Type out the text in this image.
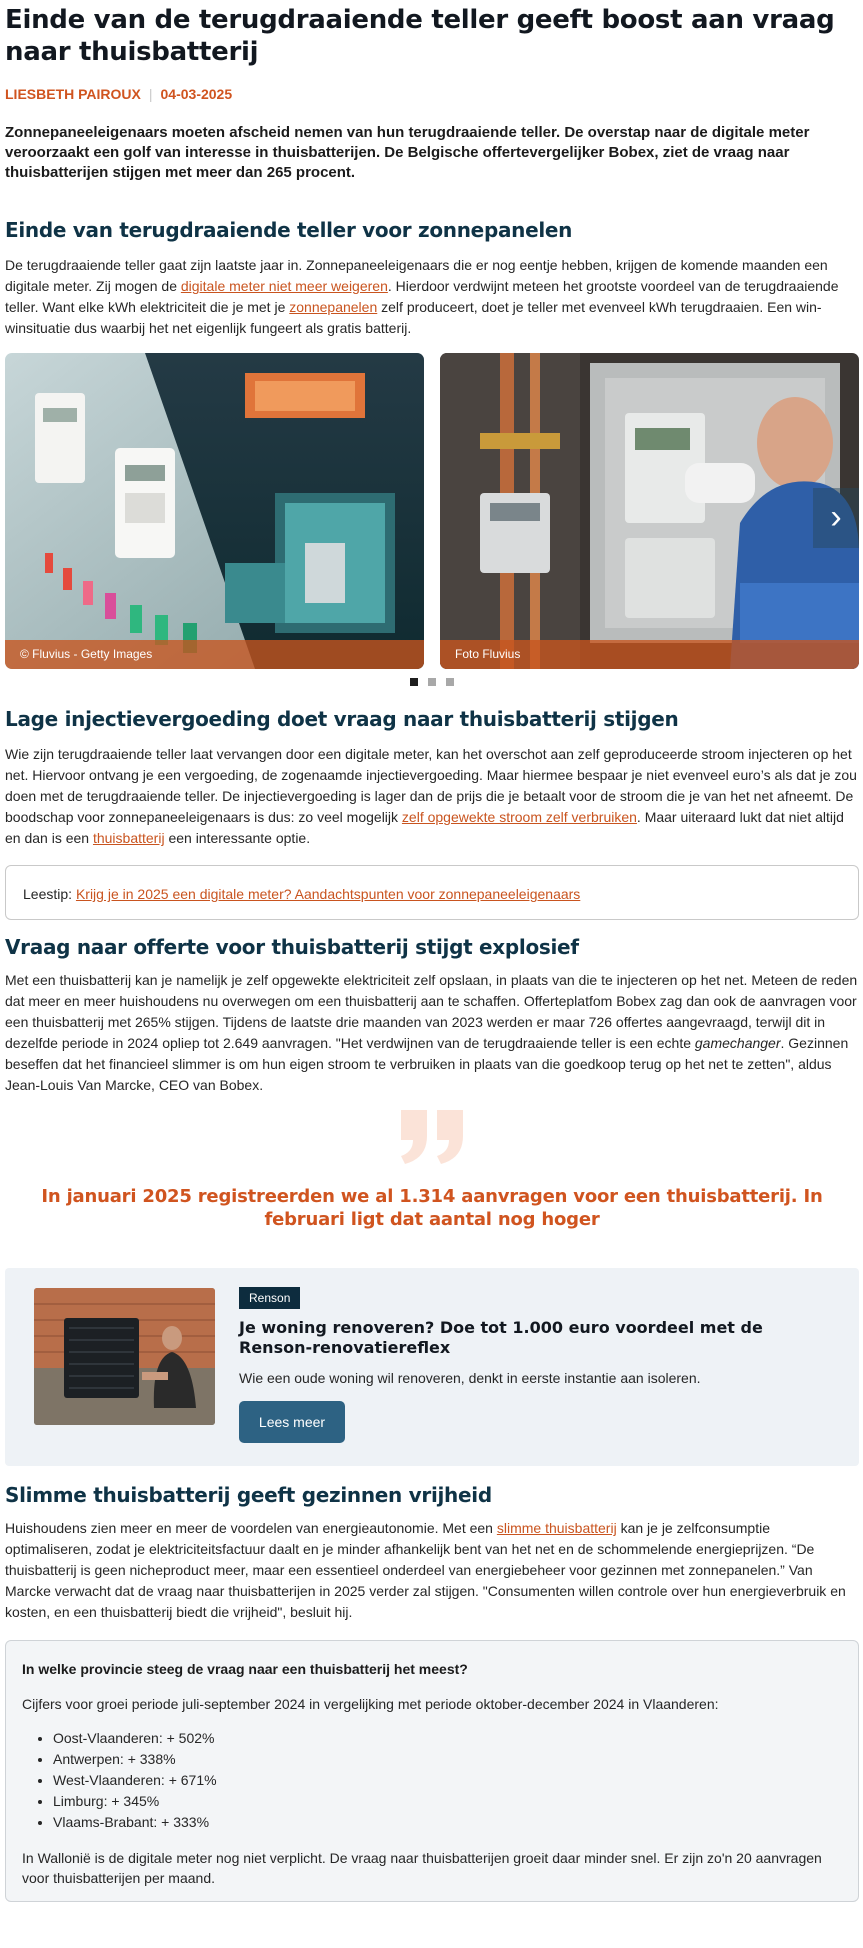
Einde van de terugdraaiende teller geeft boost aan vraag naar thuisbatterij
LIESBETH PAIROUX | 04-03-2025

Zonnepaneeleigenaars moeten afscheid nemen van hun terugdraaiende teller. De overstap naar de digitale meter veroorzaakt een golf van interesse in thuisbatterijen. De Belgische offertevergelijker Bobex, ziet de vraag naar thuisbatterijen stijgen met meer dan 265 procent.

Einde van terugdraaiende teller voor zonnepanelen

De terugdraaiende teller gaat zijn laatste jaar in. Zonnepaneeleigenaars die er nog eentje hebben, krijgen de komende maanden een digitale meter. Zij mogen de digitale meter niet meer weigeren. Hierdoor verdwijnt meteen het grootste voordeel van de terugdraaiende teller. Want elke kWh elektriciteit die je met je zonnepanelen zelf produceert, doet je teller met evenveel kWh terugdraaien. Een win-winsituatie dus waarbij het net eigenlijk fungeert als gratis batterij.

© Fluvius - Getty Images	Foto Fluvius
›
Lage injectievergoeding doet vraag naar thuisbatterij stijgen

Wie zijn terugdraaiende teller laat vervangen door een digitale meter, kan het overschot aan zelf geproduceerde stroom injecteren op het net. Hiervoor ontvang je een vergoeding, de zogenaamde injectievergoeding. Maar hiermee bespaar je niet evenveel euro’s als dat je zou doen met de terugdraaiende teller. De injectievergoeding is lager dan de prijs die je betaalt voor de stroom die je van het net afneemt. De boodschap voor zonnepaneeleigenaars is dus: zo veel mogelijk zelf opgewekte stroom zelf verbruiken. Maar uiteraard lukt dat niet altijd en dan is een thuisbatterij een interessante optie.

Leestip: Krijg je in 2025 een digitale meter? Aandachtspunten voor zonnepaneeleigenaars
Vraag naar offerte voor thuisbatterij stijgt explosief

Met een thuisbatterij kan je namelijk je zelf opgewekte elektriciteit zelf opslaan, in plaats van die te injecteren op het net. Meteen de reden dat meer en meer huishoudens nu overwegen om een thuisbatterij aan te schaffen. Offerteplatfom Bobex zag dan ook de aanvragen voor een thuisbatterij met 265% stijgen. Tijdens de laatste drie maanden van 2023 werden er maar 726 offertes aangevraagd, terwijl dit in dezelfde periode in 2024 opliep tot 2.649 aanvragen. "Het verdwijnen van de terugdraaiende teller is een echte gamechanger. Gezinnen beseffen dat het financieel slimmer is om hun eigen stroom te verbruiken in plaats van die goedkoop terug op het net te zetten", aldus Jean-Louis Van Marcke, CEO van Bobex.

In januari 2025 registreerden we al 1.314 aanvragen voor een thuisbatterij. In februari ligt dat aantal nog hoger
Renson
Je woning renoveren? Doe tot 1.000 euro voordeel met de Renson-renovatiereflex
Wie een oude woning wil renoveren, denkt in eerste instantie aan isoleren.
Lees meer
Slimme thuisbatterij geeft gezinnen vrijheid

Huishoudens zien meer en meer de voordelen van energieautonomie. Met een slimme thuisbatterij kan je je zelfconsumptie optimaliseren, zodat je elektriciteitsfactuur daalt en je minder afhankelijk bent van het net en de schommelende energieprijzen. “De thuisbatterij is geen nicheproduct meer, maar een essentieel onderdeel van energiebeheer voor gezinnen met zonnepanelen.” Van Marcke verwacht dat de vraag naar thuisbatterijen in 2025 verder zal stijgen. "Consumenten willen controle over hun energieverbruik en kosten, en een thuisbatterij biedt die vrijheid", besluit hij.

In welke provincie steeg de vraag naar een thuisbatterij het meest?
Cijfers voor groei periode juli-september 2024 in vergelijking met periode oktober-december 2024 in Vlaanderen:
• Oost-Vlaanderen: + 502%
• Antwerpen: + 338%
• West-Vlaanderen: + 671%
• Limburg: + 345%
• Vlaams-Brabant: + 333%
In Wallonië is de digitale meter nog niet verplicht. De vraag naar thuisbatterijen groeit daar minder snel. Er zijn zo'n 20 aanvragen voor thuisbatterijen per maand.
